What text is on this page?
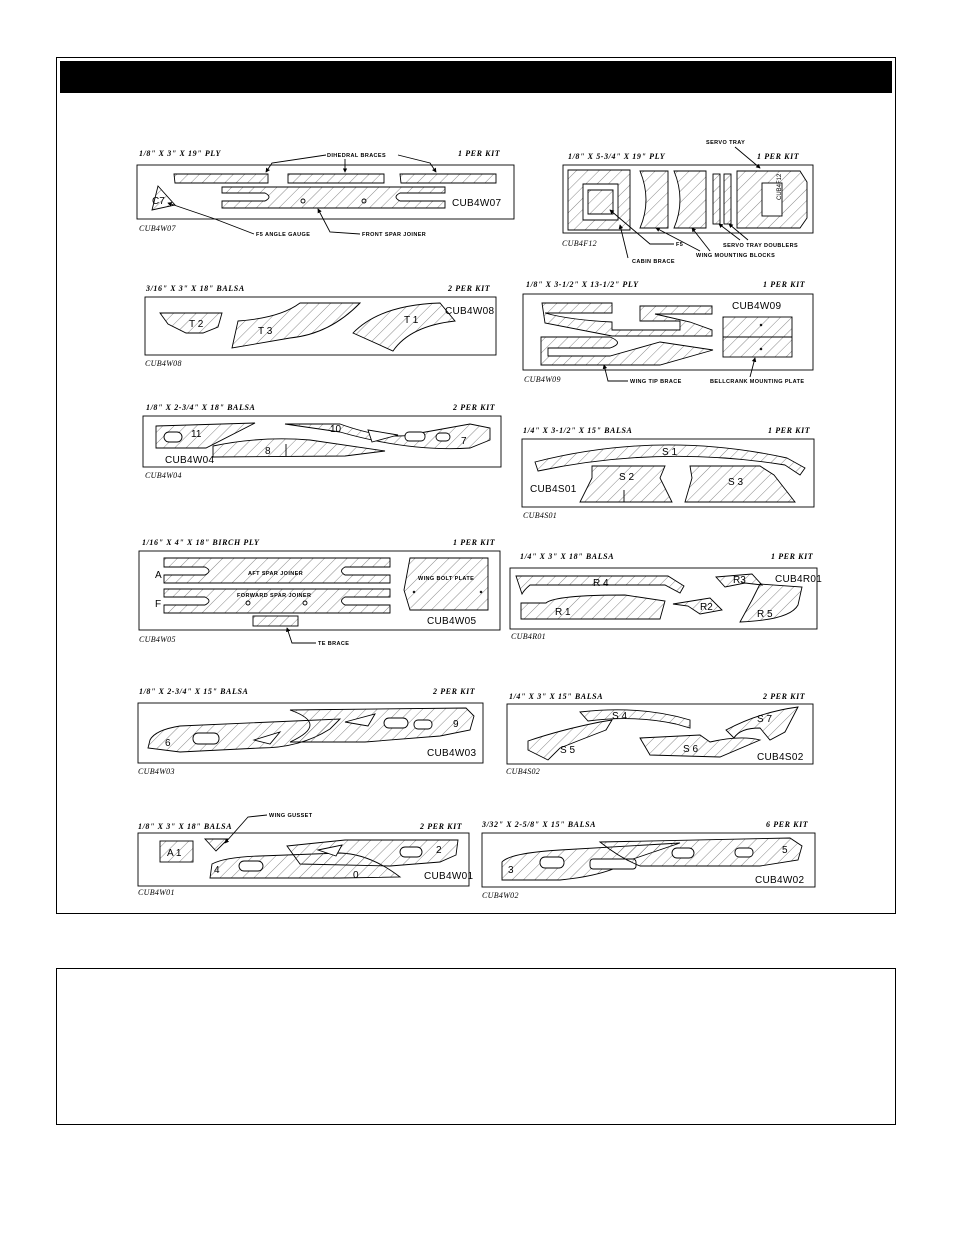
1/8" X 3" X 19" PLY	1 PER KIT
C7	CUB4W07
CUB4W07
DIHEDRAL BRACES
F5 ANGLE GAUGE	FRONT SPAR JOINER
1/8" X 5-3/4" X 19" PLY	1 PER KIT
CUB4F12
CUB4F12
SERVO TRAY
CABIN BRACE
F5	SERVO TRAY DOUBLERS
WING MOUNTING BLOCKS
3/16" X 3" X 18" BALSA	2 PER KIT
T 2
T 3
T 1
CUB4W08
CUB4W08
1/8" X 3-1/2" X 13-1/2" PLY	1 PER KIT
CUB4W09
CUB4W09	WING TIP BRACE	BELLCRANK MOUNTING PLATE
1/8" X 2-3/4" X 18" BALSA	2 PER KIT
11
8
10
7
CUB4W04
CUB4W04
1/4" X 3-1/2" X 15" BALSA	1 PER KIT
S 1
S 2	S 3
CUB4S01
CUB4S01
1/16" X 4" X 18" BIRCH PLY	1 PER KIT
A
F
AFT SPAR JOINER
FORWARD SPAR JOINER
WING BOLT PLATE
CUB4W05
CUB4W05	TE BRACE
1/4" X 3" X 18" BALSA	1 PER KIT
R 4
R 1	R2
R3
R 5
CUB4R01
CUB4R01
1/8" X 2-3/4" X 15" BALSA	2 PER KIT
6
9
CUB4W03
CUB4W03
1/4" X 3" X 15" BALSA	2 PER KIT
S 4
S 5	S 6
S 7
CUB4S02
CUB4S02
1/8" X 3" X 18" BALSA	2 PER KIT
A 1
4	0
2
CUB4W01
CUB4W01
WING GUSSET
3/32" X 2-5/8" X 15" BALSA	6 PER KIT
3
5
CUB4W02
CUB4W02
